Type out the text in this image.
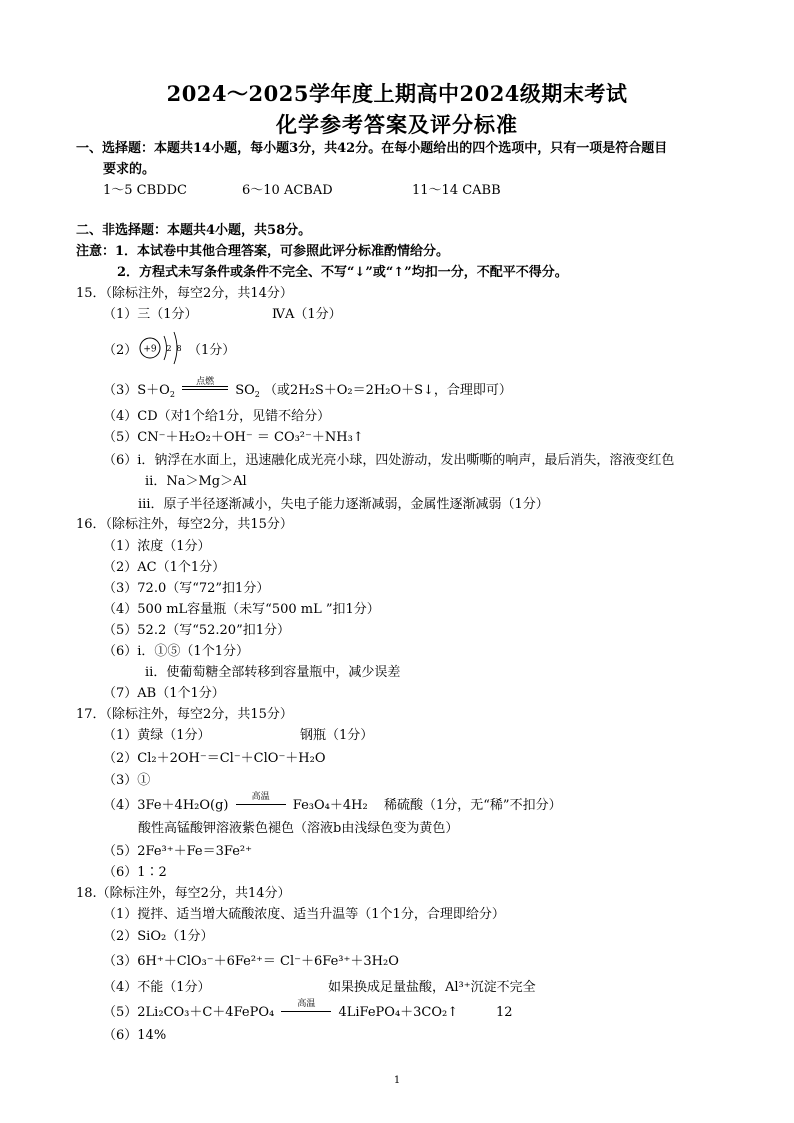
2024～2025学年度上期高中2024级期末考试
化学参考答案及评分标准
一、选择题：本题共14小题，每小题3分，共42分。在每小题给出的四个选项中，只有一项是符合题目
要求的。
1～5 CBDDC	6～10 ACBAD	11～14 CABB
二、非选择题：本题共4小题，共58分。
注意：1．本试卷中其他合理答案，可参照此评分标准酌情给分。
2．方程式未写条件或条件不完全、不写“↓”或“↑”均扣一分，不配平不得分。
15．（除标注外，每空2分，共14分）
（1）三（1分）	ⅣA（1分）
（2） +9 2 8 （1分）
$(3)S+O_2$
点燃
$SO_2$ （或2H₂S＋O₂＝2H₂O＋S↓，合理即可）
（4）CD（对1个给1分，见错不给分）
（5）CN⁻＋H₂O₂＋OH⁻ ＝ CO₃²⁻＋NH₃↑
（6）ⅰ．钠浮在水面上，迅速融化成光亮小球，四处游动，发出嘶嘶的响声，最后消失，溶液变红色
ⅱ．Na＞Mg＞Al
ⅲ．原子半径逐渐减小，失电子能力逐渐减弱，金属性逐渐减弱（1分）
16．（除标注外，每空2分，共15分）
（1）浓度（1分）
（2）AC（1个1分）
（3）72.0（写“72”扣1分）
（4）500 mL容量瓶（未写“500 mL ”扣1分）
（5）52.2（写“52.20”扣1分）
（6）ⅰ．①⑤（1个1分）
ⅱ．使葡萄糖全部转移到容量瓶中，减少误差
（7）AB（1个1分）
17．（除标注外，每空2分，共15分）
（1）黄绿（1分）	钢瓶（1分）
（2）Cl₂＋2OH⁻＝Cl⁻＋ClO⁻＋H₂O
（3）①
（4）3Fe＋4H₂O(g)
高温
Fe₃O₄＋4H₂ 稀硫酸（1分，无“稀”不扣分）
酸性高锰酸钾溶液紫色褪色（溶液b由浅绿色变为黄色）
（5）2Fe³⁺＋Fe＝3Fe²⁺
（6）1∶2
18.（除标注外，每空2分，共14分）
（1）搅拌、适当增大硫酸浓度、适当升温等（1个1分，合理即给分）
（2）SiO₂（1分）
（3）6H⁺＋ClO₃⁻＋6Fe²⁺＝ Cl⁻＋6Fe³⁺＋3H₂O
（4）不能（1分）	如果换成足量盐酸，Al³⁺沉淀不完全
（5）2Li₂CO₃＋C＋4FePO₄
高温
4LiFePO₄＋3CO₂↑	12
（6）14%
1
